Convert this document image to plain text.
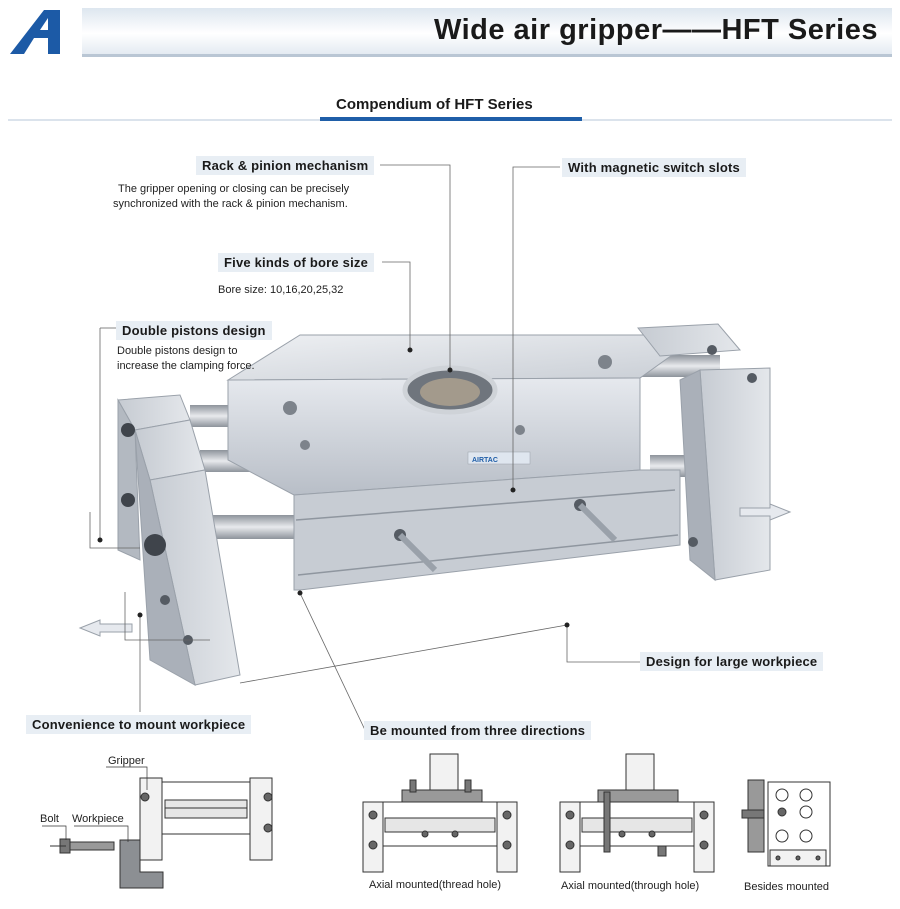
Wide air gripper——HFT Series
Compendium of HFT Series
AIRTAC
Rack & pinion mechanism
The gripper opening or closing can be precisely
synchronized with the rack & pinion mechanism.
Five kinds of bore size
Bore size: 10,16,20,25,32
Double pistons design
Double pistons design to
increase the clamping force.
With magnetic switch slots
Design for large workpiece
Convenience to mount workpiece	Be mounted from three directions
Gripper
Bolt Workpiece
Axial mounted(thread hole)	Axial mounted(through hole)	Besides mounted
